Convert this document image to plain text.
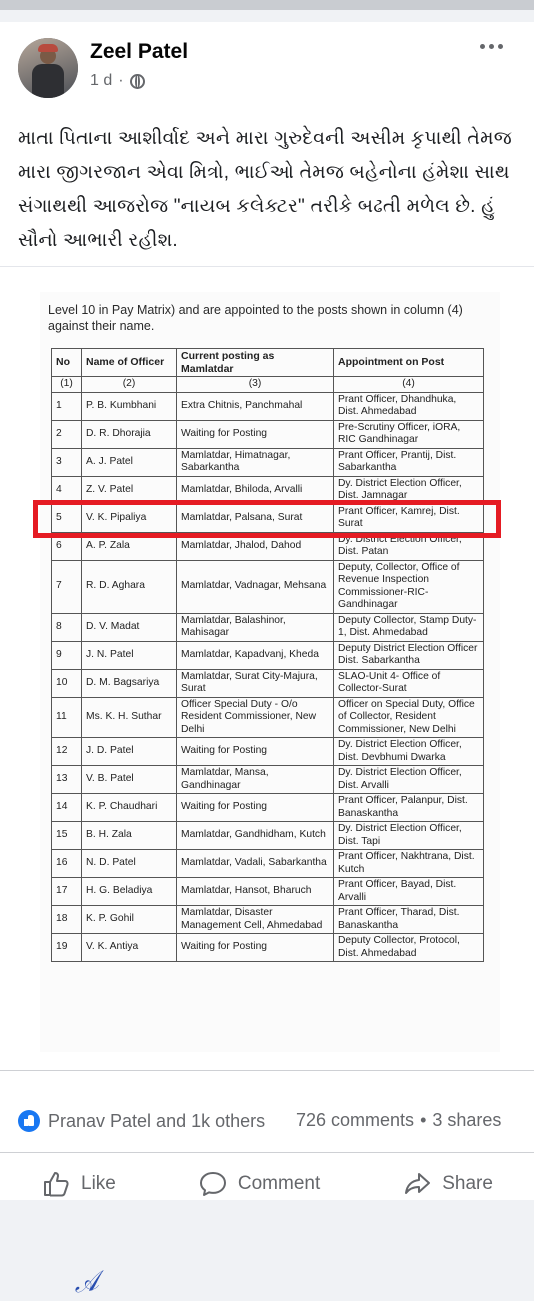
Zeel Patel
1 d ·
માતા પિતાના આશીર્વાદ અને મારા ગુરુદેવની અસીમ કૃપાથી તેમજ મારા જીગરજાન એવા મિત્રો, ભાઈઓ તેમજ બહેનોના હંમેશા સાથ સંગાથથી આજરોજ "નાયબ કલેક્ટર" તરીકે બઢતી મળેલ છે. હું સૌનો આભારી રહીશ.
Level 10 in Pay Matrix) and are appointed to the posts shown in column (4) against their name.
No	Name of Officer	Current posting as Mamlatdar	Appointment on Post
(1)	(2)	(3)	(4)
1	P. B. Kumbhani	Extra Chitnis, Panchmahal	Prant Officer, Dhandhuka, Dist. Ahmedabad
2	D. R. Dhorajia	Waiting for Posting	Pre-Scrutiny Officer, iORA, RIC Gandhinagar
3	A. J. Patel	Mamlatdar, Himatnagar, Sabarkantha	Prant Officer, Prantij, Dist. Sabarkantha
4	Z. V. Patel	Mamlatdar, Bhiloda, Arvalli	Dy. District Election Officer, Dist. Jamnagar
5	V. K. Pipaliya	Mamlatdar, Palsana, Surat	Prant Officer, Kamrej, Dist. Surat
6	A. P. Zala	Mamlatdar, Jhalod, Dahod	Dy. District Election Officer, Dist. Patan
7	R. D. Aghara	Mamlatdar, Vadnagar, Mehsana	Deputy, Collector, Office of Revenue Inspection Commissioner-RIC-Gandhinagar
8	D. V. Madat	Mamlatdar, Balashinor, Mahisagar	Deputy Collector, Stamp Duty-1, Dist. Ahmedabad
9	J. N. Patel	Mamlatdar, Kapadvanj, Kheda	Deputy District Election Officer Dist. Sabarkantha
10	D. M. Bagsariya	Mamlatdar, Surat City-Majura, Surat	SLAO-Unit 4- Office of Collector-Surat
11	Ms. K. H. Suthar	Officer Special Duty - O/o Resident Commissioner, New Delhi	Officer on Special Duty, Office of Collector, Resident Commissioner, New Delhi
12	J. D. Patel	Waiting for Posting	Dy. District Election Officer, Dist. Devbhumi Dwarka
13	V. B. Patel	Mamlatdar, Mansa, Gandhinagar	Dy. District Election Officer, Dist. Arvalli
14	K. P. Chaudhari	Waiting for Posting	Prant Officer, Palanpur, Dist. Banaskantha
15	B. H. Zala	Mamlatdar, Gandhidham, Kutch	Dy. District Election Officer, Dist. Tapi
16	N. D. Patel	Mamlatdar, Vadali, Sabarkantha	Prant Officer, Nakhtrana, Dist. Kutch
17	H. G. Beladiya	Mamlatdar, Hansot, Bharuch	Prant Officer, Bayad, Dist. Arvalli
18	K. P. Gohil	Mamlatdar, Disaster Management Cell, Ahmedabad	Prant Officer, Tharad, Dist. Banaskantha
19	V. K. Antiya	Waiting for Posting	Deputy Collector, Protocol, Dist. Ahmedabad
𝒜
Pranav Patel and 1k others 726 comments • 3 shares
Like	Comment	Share
